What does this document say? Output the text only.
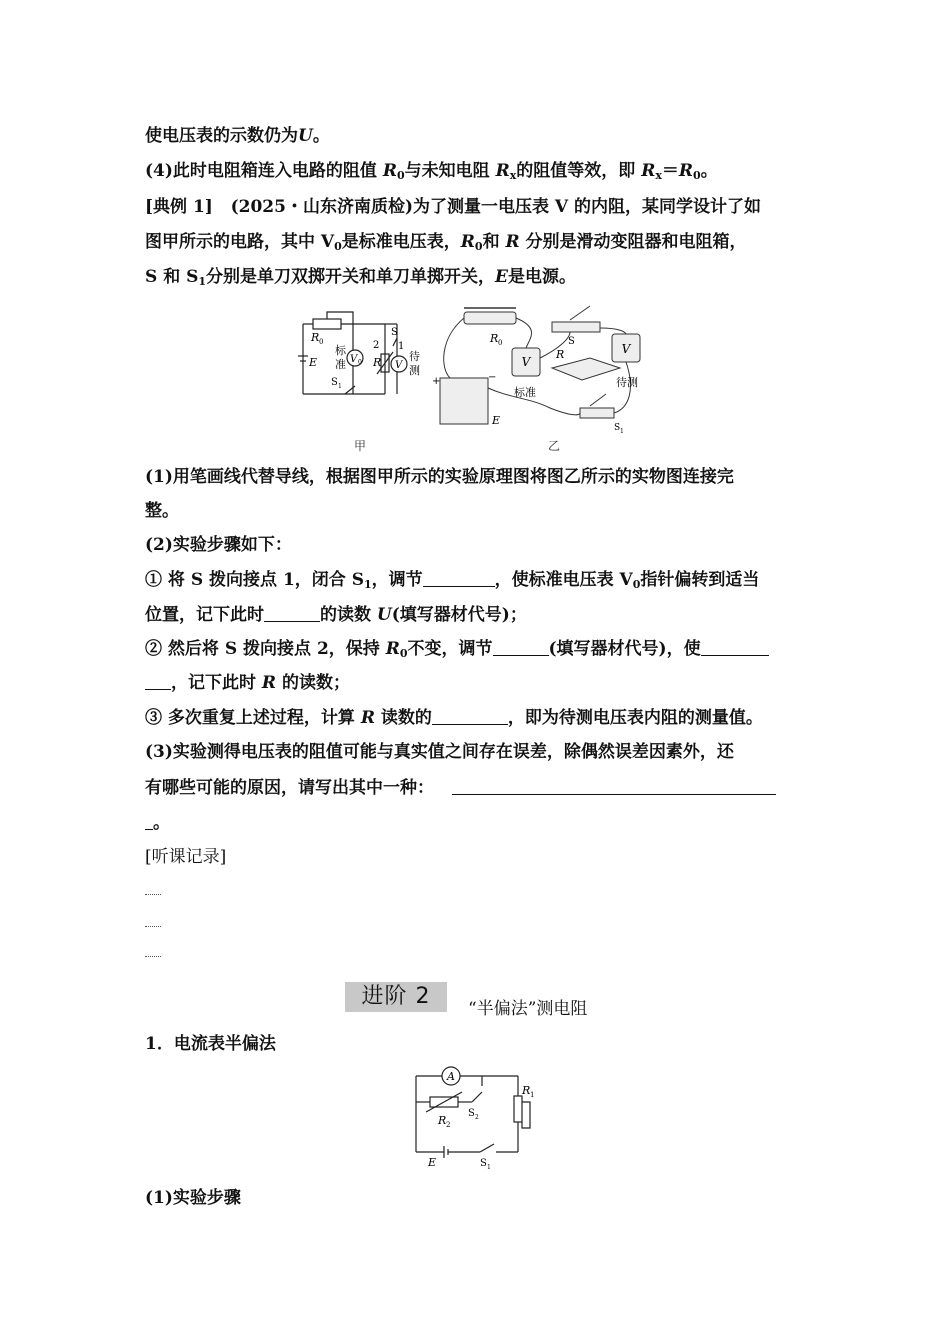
使电压表的示数仍为U。
(4)此时电阻箱连入电路的阻值 $R_0$与未知电阻 $R_x$的阻值等效，即 $R_x=R_0$。
[典例 1] (2025・山东济南质检)为了测量一电压表 V 的内阻，某同学设计了如
图甲所示的电路，其中 $V_0$是标准电压表，$R_0$和 R 分别是滑动变阻器和电阻箱，
S 和 $S_1$分别是单刀双掷开关和单刀单掷开关，E是电源。
V 0	V
R 0
E
S 1
标
准 R
2 1
S
待
测
甲
V
V
R 0	S
R
标准
待测
+	−
E
S 1
乙
(1)用笔画线代替导线，根据图甲所示的实验原理图将图乙所示的实物图连接完
整。
(2)实验步骤如下：
① 将 S 拨向接点 1，闭合 $S_1$，调节	，使标准电压表 $V_0$指针偏转到适当
位置，记下此时	的读数 U(填写器材代号)；
② 然后将 S 拨向接点 2，保持 $R_0$不变，调节	(填写器材代号)，使
，记下此时 R 的读数；
③ 多次重复上述过程，计算 R 读数的	，即为待测电压表内阻的测量值。
(3)实验测得电压表的阻值可能与真实值之间存在误差，除偶然误差因素外，还
有哪些可能的原因，请写出其中一种：
。
[听课记录]
进阶 2	“半偏法”测电阻
1．电流表半偏法
A
R 2
S 2
R 1
E	S 1
(1)实验步骤
